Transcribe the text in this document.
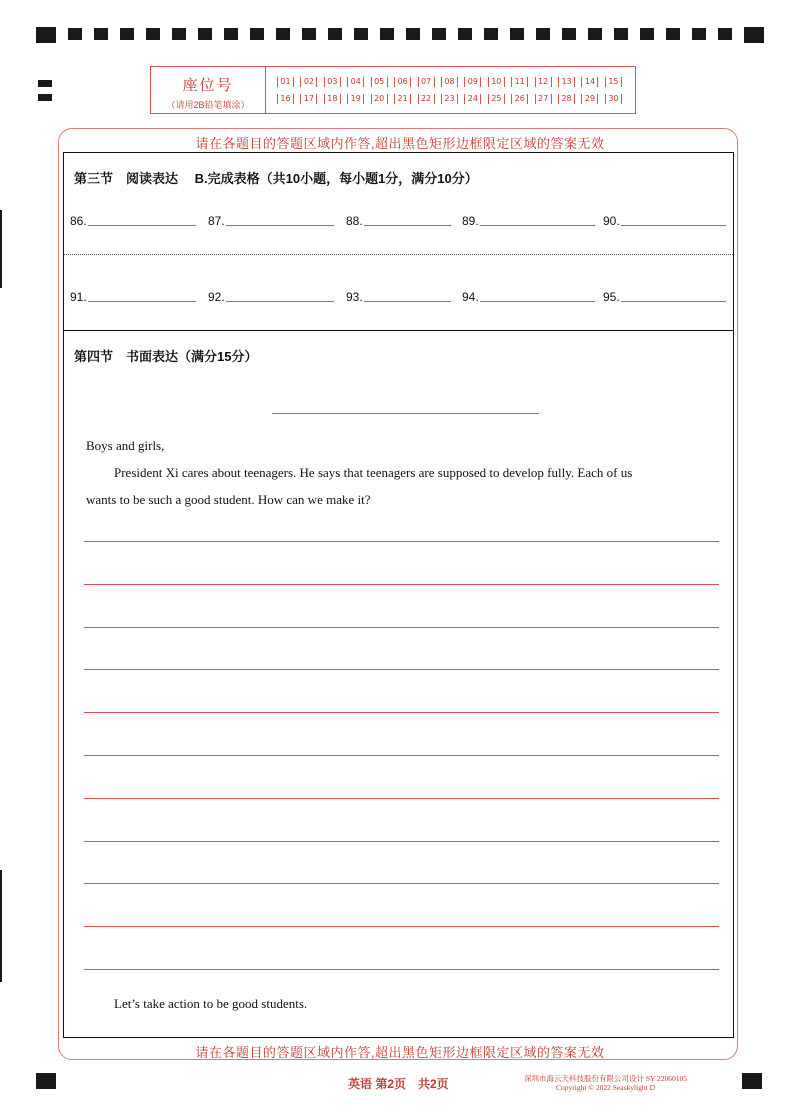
座位号
（请用2B铅笔填涂）
01	02	03	04	05	06	07	08	09	10	11	12	13	14	15
16	17	18	19	20	21	22	23	24	25	26	27	28	29	30
请在各题目的答题区域内作答,超出黑色矩形边框限定区域的答案无效
请在各题目的答题区域内作答,超出黑色矩形边框限定区域的答案无效
第三节　阅读表达　 B.完成表格（共10小题，每小题1分，满分10分）
86.	87.	88.	89.	90.
91.	92.	93.	94.	95.
第四节　书面表达（满分15分）
Boys and girls,
President Xi cares about teenagers. He says that teenagers are supposed to develop fully. Each of us
wants to be such a good student. How can we make it?
Let’s take action to be good students.
英语 第2页　共2页	深圳市海云天科技股份有限公司设计 SY 22060105
Copyright © 2022 Seaskylight D
